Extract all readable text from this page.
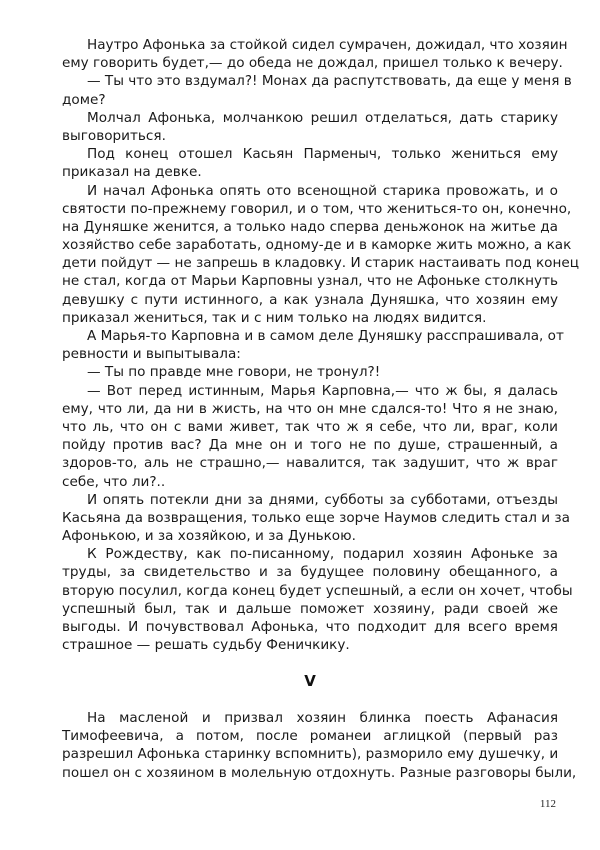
Наутро Афонька за стойкой сидел сумрачен, дожидал, что хозяин
ему говорить будет,— до обеда не дождал, пришел только к вечеру.
— Ты что это вздумал?! Монах да распутствовать, да еще у меня в
доме?
Молчал Афонька, молчанкою решил отделаться, дать старику
выговориться.
Под конец отошел Касьян Парменыч, только жениться ему
приказал на девке.
И начал Афонька опять ото всенощной старика провожать, и о
святости по-прежнему говорил, и о том, что жениться-то он, конечно,
на Дуняшке женится, а только надо сперва деньжонок на житье да
хозяйство себе заработать, одному-де и в каморке жить можно, а как
дети пойдут — не запрешь в кладовку. И старик настаивать под конец
не стал, когда от Марьи Карповны узнал, что не Афоньке столкнуть
девушку с пути истинного, а как узнала Дуняшка, что хозяин ему
приказал жениться, так и с ним только на людях видится.
А Марья-то Карповна и в самом деле Дуняшку расспрашивала, от
ревности и выпытывала:
— Ты по правде мне говори, не тронул?!
— Вот перед истинным, Марья Карповна,— что ж бы, я далась
ему, что ли, да ни в жисть, на что он мне сдался-то! Что я не знаю,
что ль, что он с вами живет, так что ж я себе, что ли, враг, коли
пойду против вас? Да мне он и того не по душе, страшенный, а
здоров-то, аль не страшно,— навалится, так задушит, что ж враг
себе, что ли?..
И опять потекли дни за днями, субботы за субботами, отъезды
Касьяна да возвращения, только еще зорче Наумов следить стал и за
Афонькою, и за хозяйкою, и за Дунькою.
К Рождеству, как по-писанному, подарил хозяин Афоньке за
труды, за свидетельство и за будущее половину обещанного, а
вторую посулил, когда конец будет успешный, а если он хочет, чтобы
успешный был, так и дальше поможет хозяину, ради своей же
выгоды. И почувствовал Афонька, что подходит для всего время
страшное — решать судьбу Феничкику.
V
На масленой и призвал хозяин блинка поесть Афанасия
Тимофеевича, а потом, после романеи аглицкой (первый раз
разрешил Афонька старинку вспомнить), разморило ему душечку, и
пошел он с хозяином в молельную отдохнуть. Разные разговоры были,
112
